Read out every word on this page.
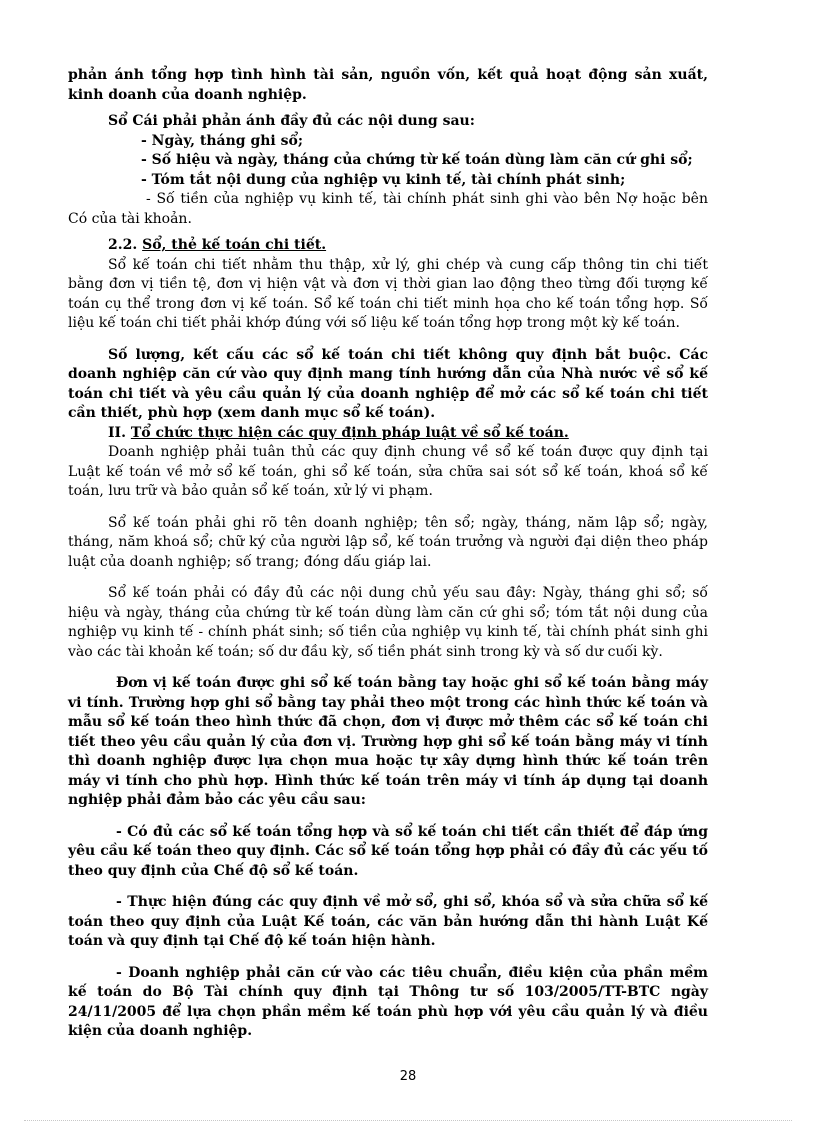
phản ánh tổng hợp tình hình tài sản, nguồn vốn, kết quả hoạt động sản xuất, kinh doanh của doanh nghiệp.

Sổ Cái phải phản ánh đầy đủ các nội dung sau:

- Ngày, tháng ghi sổ;

- Số hiệu và ngày, tháng của chứng từ kế toán dùng làm căn cứ ghi sổ;

- Tóm tắt nội dung của nghiệp vụ kinh tế, tài chính phát sinh;

- Số tiền của nghiệp vụ kinh tế, tài chính phát sinh ghi vào bên Nợ hoặc bên Có của tài khoản.

2.2. Sổ, thẻ kế toán chi tiết.

Sổ kế toán chi tiết nhằm thu thập, xử lý, ghi chép và cung cấp thông tin chi tiết bằng đơn vị tiền tệ, đơn vị hiện vật và đơn vị thời gian lao động theo từng đối tượng kế toán cụ thể trong đơn vị kế toán. Sổ kế toán chi tiết minh họa cho kế toán tổng hợp. Số liệu kế toán chi tiết phải khớp đúng với số liệu kế toán tổng hợp trong một kỳ kế toán.

Số lượng, kết cấu các sổ kế toán chi tiết không quy định bắt buộc. Các doanh nghiệp căn cứ vào quy định mang tính hướng dẫn của Nhà nước về sổ kế toán chi tiết và yêu cầu quản lý của doanh nghiệp để mở các sổ kế toán chi tiết cần thiết, phù hợp (xem danh mục sổ kế toán).

II. Tổ chức thực hiện các quy định pháp luật về sổ kế toán.

Doanh nghiệp phải tuân thủ các quy định chung về sổ kế toán được quy định tại Luật kế toán về mở sổ kế toán, ghi sổ kế toán, sửa chữa sai sót sổ kế toán, khoá sổ kế toán, lưu trữ và bảo quản sổ kế toán, xử lý vi phạm.

Sổ kế toán phải ghi rõ tên doanh nghiệp; tên sổ; ngày, tháng, năm lập sổ; ngày, tháng, năm khoá sổ; chữ ký của người lập sổ, kế toán trưởng và người đại diện theo pháp luật của doanh nghiệp; số trang; đóng dấu giáp lai.

Sổ kế toán phải có đầy đủ các nội dung chủ yếu sau đây: Ngày, tháng ghi sổ; số hiệu và ngày, tháng của chứng từ kế toán dùng làm căn cứ ghi sổ; tóm tắt nội dung của nghiệp vụ kinh tế - chính phát sinh; số tiền của nghiệp vụ kinh tế, tài chính phát sinh ghi vào các tài khoản kế toán; số dư đầu kỳ, số tiền phát sinh trong kỳ và số dư cuối kỳ.

Đơn vị kế toán được ghi sổ kế toán bằng tay hoặc ghi sổ kế toán bằng máy vi tính. Trường hợp ghi sổ bằng tay phải theo một trong các hình thức kế toán và mẫu sổ kế toán theo hình thức đã chọn, đơn vị được mở thêm các sổ kế toán chi tiết theo yêu cầu quản lý của đơn vị. Trường hợp ghi sổ kế toán bằng máy vi tính thì doanh nghiệp được lựa chọn mua hoặc tự xây dựng hình thức kế toán trên máy vi tính cho phù hợp. Hình thức kế toán trên máy vi tính áp dụng tại doanh nghiệp phải đảm bảo các yêu cầu sau:

- Có đủ các sổ kế toán tổng hợp và sổ kế toán chi tiết cần thiết để đáp ứng yêu cầu kế toán theo quy định. Các sổ kế toán tổng hợp phải có đầy đủ các yếu tố theo quy định của Chế độ sổ kế toán.

- Thực hiện đúng các quy định về mở sổ, ghi sổ, khóa sổ và sửa chữa sổ kế toán theo quy định của Luật Kế toán, các văn bản hướng dẫn thi hành Luật Kế toán và quy định tại Chế độ kế toán hiện hành.

- Doanh nghiệp phải căn cứ vào các tiêu chuẩn, điều kiện của phần mềm kế toán do Bộ Tài chính quy định tại Thông tư số 103/2005/TT-BTC ngày 24/11/2005 để lựa chọn phần mềm kế toán phù hợp với yêu cầu quản lý và điều kiện của doanh nghiệp.

28
